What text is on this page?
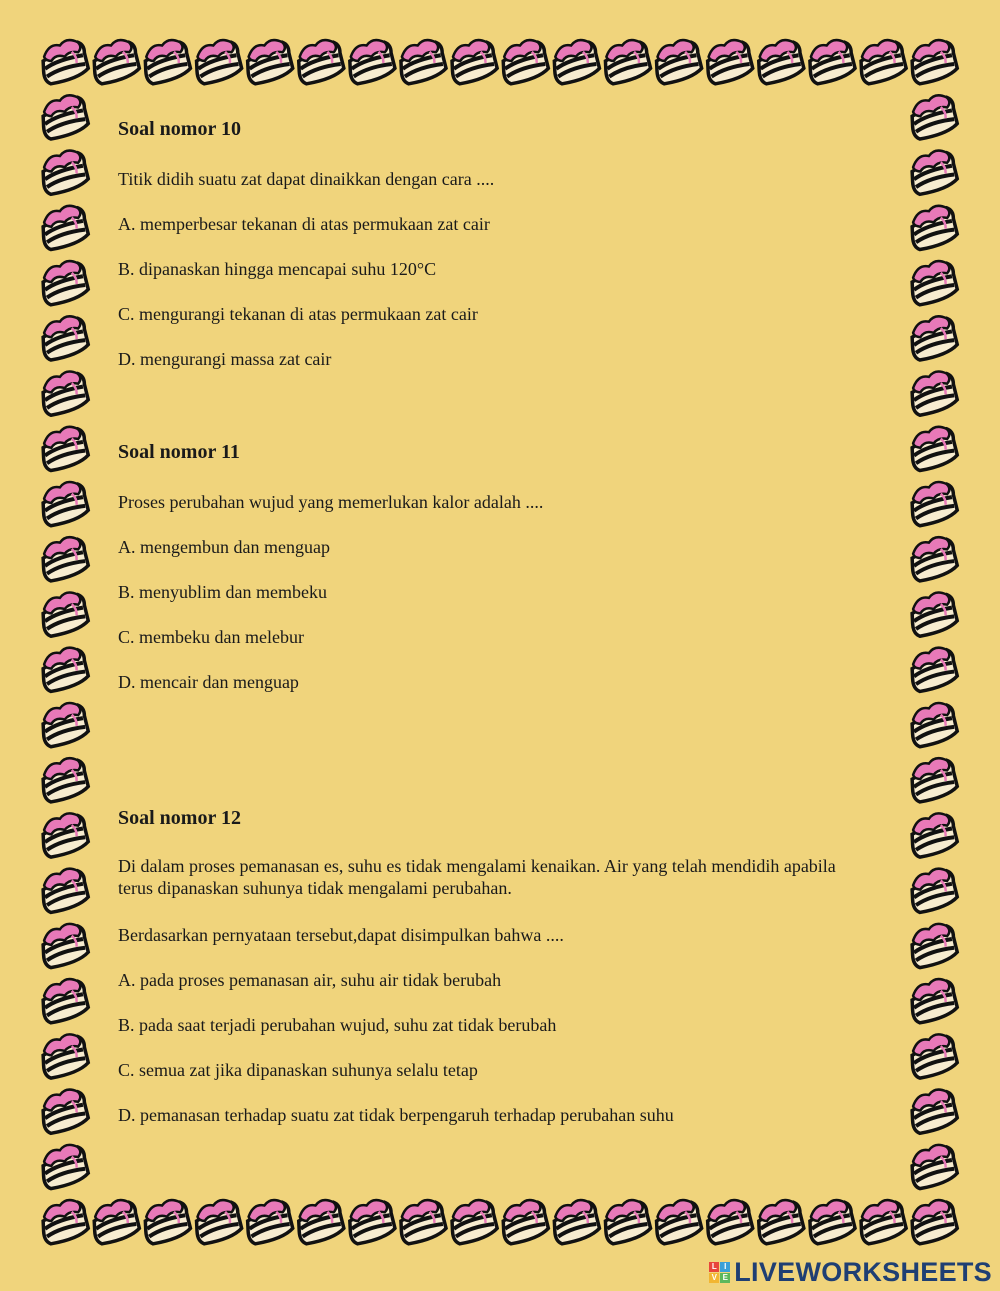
Soal nomor 10

Titik didih suatu zat dapat dinaikkan dengan cara ....

A. memperbesar tekanan di atas permukaan zat cair

B. dipanaskan hingga mencapai suhu 120°C

C. mengurangi tekanan di atas permukaan zat cair

D. mengurangi massa zat cair

Soal nomor 11

Proses perubahan wujud yang memerlukan kalor adalah ....

A. mengembun dan menguap

B. menyublim dan membeku

C. membeku dan melebur

D. mencair dan menguap

Soal nomor 12

Di dalam proses pemanasan es, suhu es tidak mengalami kenaikan. Air yang telah mendidih apabila terus dipanaskan suhunya tidak mengalami perubahan.

Berdasarkan pernyataan tersebut,dapat disimpulkan bahwa ....

A. pada proses pemanasan air, suhu air tidak berubah

B. pada saat terjadi perubahan wujud, suhu zat tidak berubah

C. semua zat jika dipanaskan suhunya selalu tetap

D. pemanasan terhadap suatu zat tidak berpengaruh terhadap perubahan suhu

L I
V E LIVEWORKSHEETS
